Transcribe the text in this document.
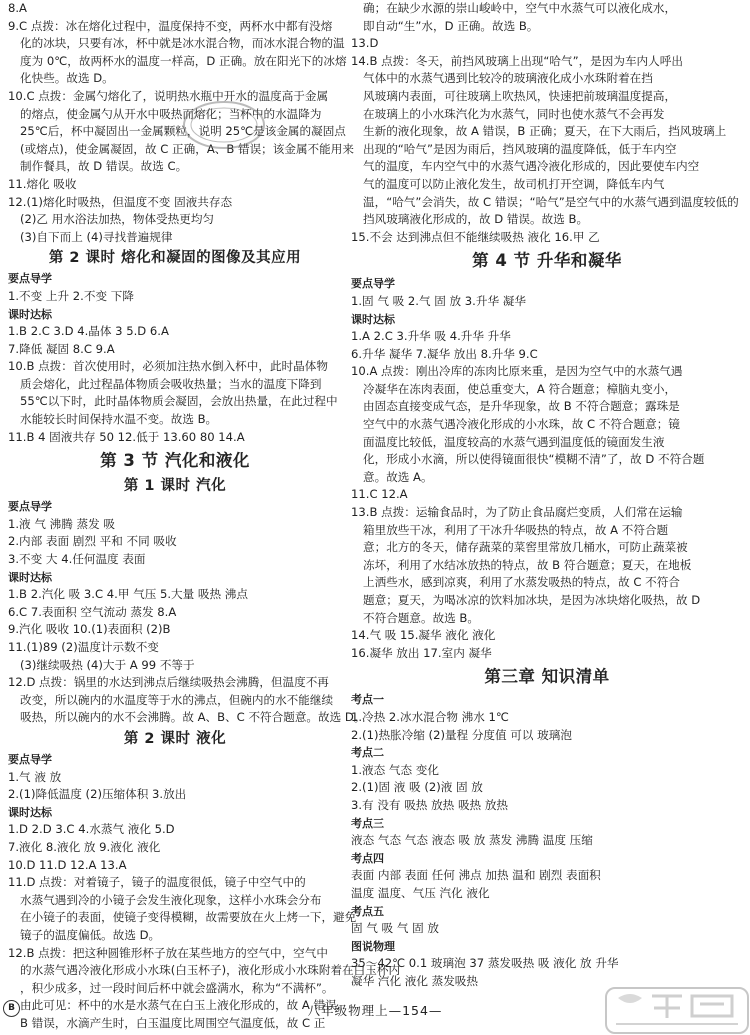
8.A
9.C 点拨：冰在熔化过程中，温度保持不变，两杯水中都有没熔
化的冰块，只要有冰，杯中就是冰水混合物，而冰水混合物的温
度为 0℃，故两杯水的温度一样高，D 正确。放在阳光下的冰熔
化快些。故选 D。
10.C 点拨：金属勺熔化了，说明热水瓶中开水的温度高于金属
的熔点，使金属勺从开水中吸热而熔化；当杯中的水温降为
25℃后，杯中凝固出一金属颗粒，说明 25℃是该金属的凝固点
(或熔点)，使金属凝固，故 C 正确，A、B 错误；该金属不能用来
制作餐具，故 D 错误。故选 C。
11.熔化 吸收
12.(1)熔化时吸热，但温度不变 固液共存态
(2)乙 用水浴法加热，物体受热更均匀
(3)自下而上 (4)寻找普遍规律
第 2 课时 熔化和凝固的图像及其应用
要点导学
1.不变 上升 2.不变 下降
课时达标
1.B 2.C 3.D 4.晶体 3 5.D 6.A
7.降低 凝固 8.C 9.A
10.B 点拨：首次使用时，必须加注热水倒入杯中，此时晶体物
质会熔化，此过程晶体物质会吸收热量；当水的温度下降到
55℃以下时，此时晶体物质会凝固，会放出热量，在此过程中
水能较长时间保持水温不变。故选 B。
11.B 4 固液共存 50 12.低于 13.60 80 14.A
第 3 节 汽化和液化
第 1 课时 汽化
要点导学
1.液 气 沸腾 蒸发 吸
2.内部 表面 剧烈 平和 不同 吸收
3.不变 大 4.任何温度 表面
课时达标
1.B 2.汽化 吸 3.C 4.甲 气压 5.大量 吸热 沸点
6.C 7.表面积 空气流动 蒸发 8.A
9.汽化 吸收 10.(1)表面积 (2)B
11.(1)89 (2)温度计示数不变
(3)继续吸热 (4)大于 A 99 不等于
12.D 点拨：锅里的水达到沸点后继续吸热会沸腾，但温度不再
改变，所以碗内的水温度等于水的沸点，但碗内的水不能继续
吸热，所以碗内的水不会沸腾。故 A、B、C 不符合题意。故选 D。
第 2 课时 液化
要点导学
1.气 液 放
2.(1)降低温度 (2)压缩体积 3.放出
课时达标
1.D 2.D 3.C 4.水蒸气 液化 5.D
7.液化 8.液化 放 9.液化 液化
10.D 11.D 12.A 13.A
11.D 点拨：对着镜子，镜子的温度很低，镜子中空气中的
水蒸气遇到冷的小镜子会发生液化现象，这样小水珠会分布
在小镜子的表面，使镜子变得模糊，故需要放在火上烤一下，避免
镜子的温度偏低。故选 D。
12.B 点拨：把这种圆锥形杯子放在某些地方的空气中，空气中
的水蒸气遇冷液化形成小水珠(白玉杯子)，液化形成小水珠附着在白玉杯内
，积少成多，过一段时间后杯中就会盛满水，称为“不满杯”。
由此可见：杯中的水是水蒸气在白玉上液化形成的，故 A 错误，
B 错误，水滴产生时，白玉温度比周围空气温度低，故 C 正
确；在缺少水源的崇山峻岭中，空气中水蒸气可以液化成水，
即自动“生”水，D 正确。故选 B。
13.D
14.B 点拨：冬天，前挡风玻璃上出现“哈气”，是因为车内人呼出
气体中的水蒸气遇到比较冷的玻璃液化成小水珠附着在挡
风玻璃内表面，可往玻璃上吹热风，快速把前玻璃温度提高，
在玻璃上的小水珠汽化为水蒸气，同时也使水蒸气不会再发
生新的液化现象，故 A 错误，B 正确；夏天，在下大雨后，挡风玻璃上
出现的“哈气”是因为雨后，挡风玻璃的温度降低，低于车内空
气的温度，车内空气中的水蒸气遇冷液化形成的，因此要使车内空
气的温度可以防止液化发生，故司机打开空调，降低车内气
温，“哈气”会消失，故 C 错误；“哈气”是空气中的水蒸气遇到温度较低的
挡风玻璃液化形成的，故 D 错误。故选 B。
15.不会 达到沸点但不能继续吸热 液化 16.甲 乙
第 4 节 升华和凝华
要点导学
1.固 气 吸 2.气 固 放 3.升华 凝华
课时达标
1.A 2.C 3.升华 吸 4.升华 升华
6.升华 凝华 7.凝华 放出 8.升华 9.C
10.A 点拨：刚出冷库的冻肉比原来重，是因为空气中的水蒸气遇
冷凝华在冻肉表面，使总重变大，A 符合题意；樟脑丸变小，
由固态直接变成气态，是升华现象，故 B 不符合题意；露珠是
空气中的水蒸气遇冷液化形成的小水珠，故 C 不符合题意；镜
面温度比较低，温度较高的水蒸气遇到温度低的镜面发生液
化，形成小水滴，所以使得镜面很快“模糊不清”了，故 D 不符合题
意。故选 A。
11.C 12.A
13.B 点拨：运输食品时，为了防止食品腐烂变质，人们常在运输
箱里放些干冰，利用了干冰升华吸热的特点，故 A 不符合题
意；北方的冬天，储存蔬菜的菜窖里常放几桶水，可防止蔬菜被
冻坏，利用了水结冰放热的特点，故 B 符合题意；夏天，在地板
上洒些水，感到凉爽，利用了水蒸发吸热的特点，故 C 不符合
题意；夏天，为喝冰凉的饮料加冰块，是因为冰块熔化吸热，故 D
不符合题意。故选 B。
14.气 吸 15.凝华 液化 液化
16.凝华 放出 17.室内 凝华
第三章 知识清单
考点一
1.冷热 2.冰水混合物 沸水 1℃
2.(1)热胀冷缩 (2)量程 分度值 可以 玻璃泡
考点二
1.液态 气态 变化
2.(1)固 液 吸 (2)液 固 放
3.有 没有 吸热 放热 吸热 放热
考点三
液态 气态 气态 液态 吸 放 蒸发 沸腾 温度 压缩
考点四
表面 内部 表面 任何 沸点 加热 温和 剧烈 表面积
温度 温度、气压 汽化 液化
考点五
固 气 吸 气 固 放
图说物理
35～42℃ 0.1 玻璃泡 37 蒸发吸热 吸 液化 放 升华
凝华 汽化 液化 蒸发吸热
B	八年级物理上—154—
